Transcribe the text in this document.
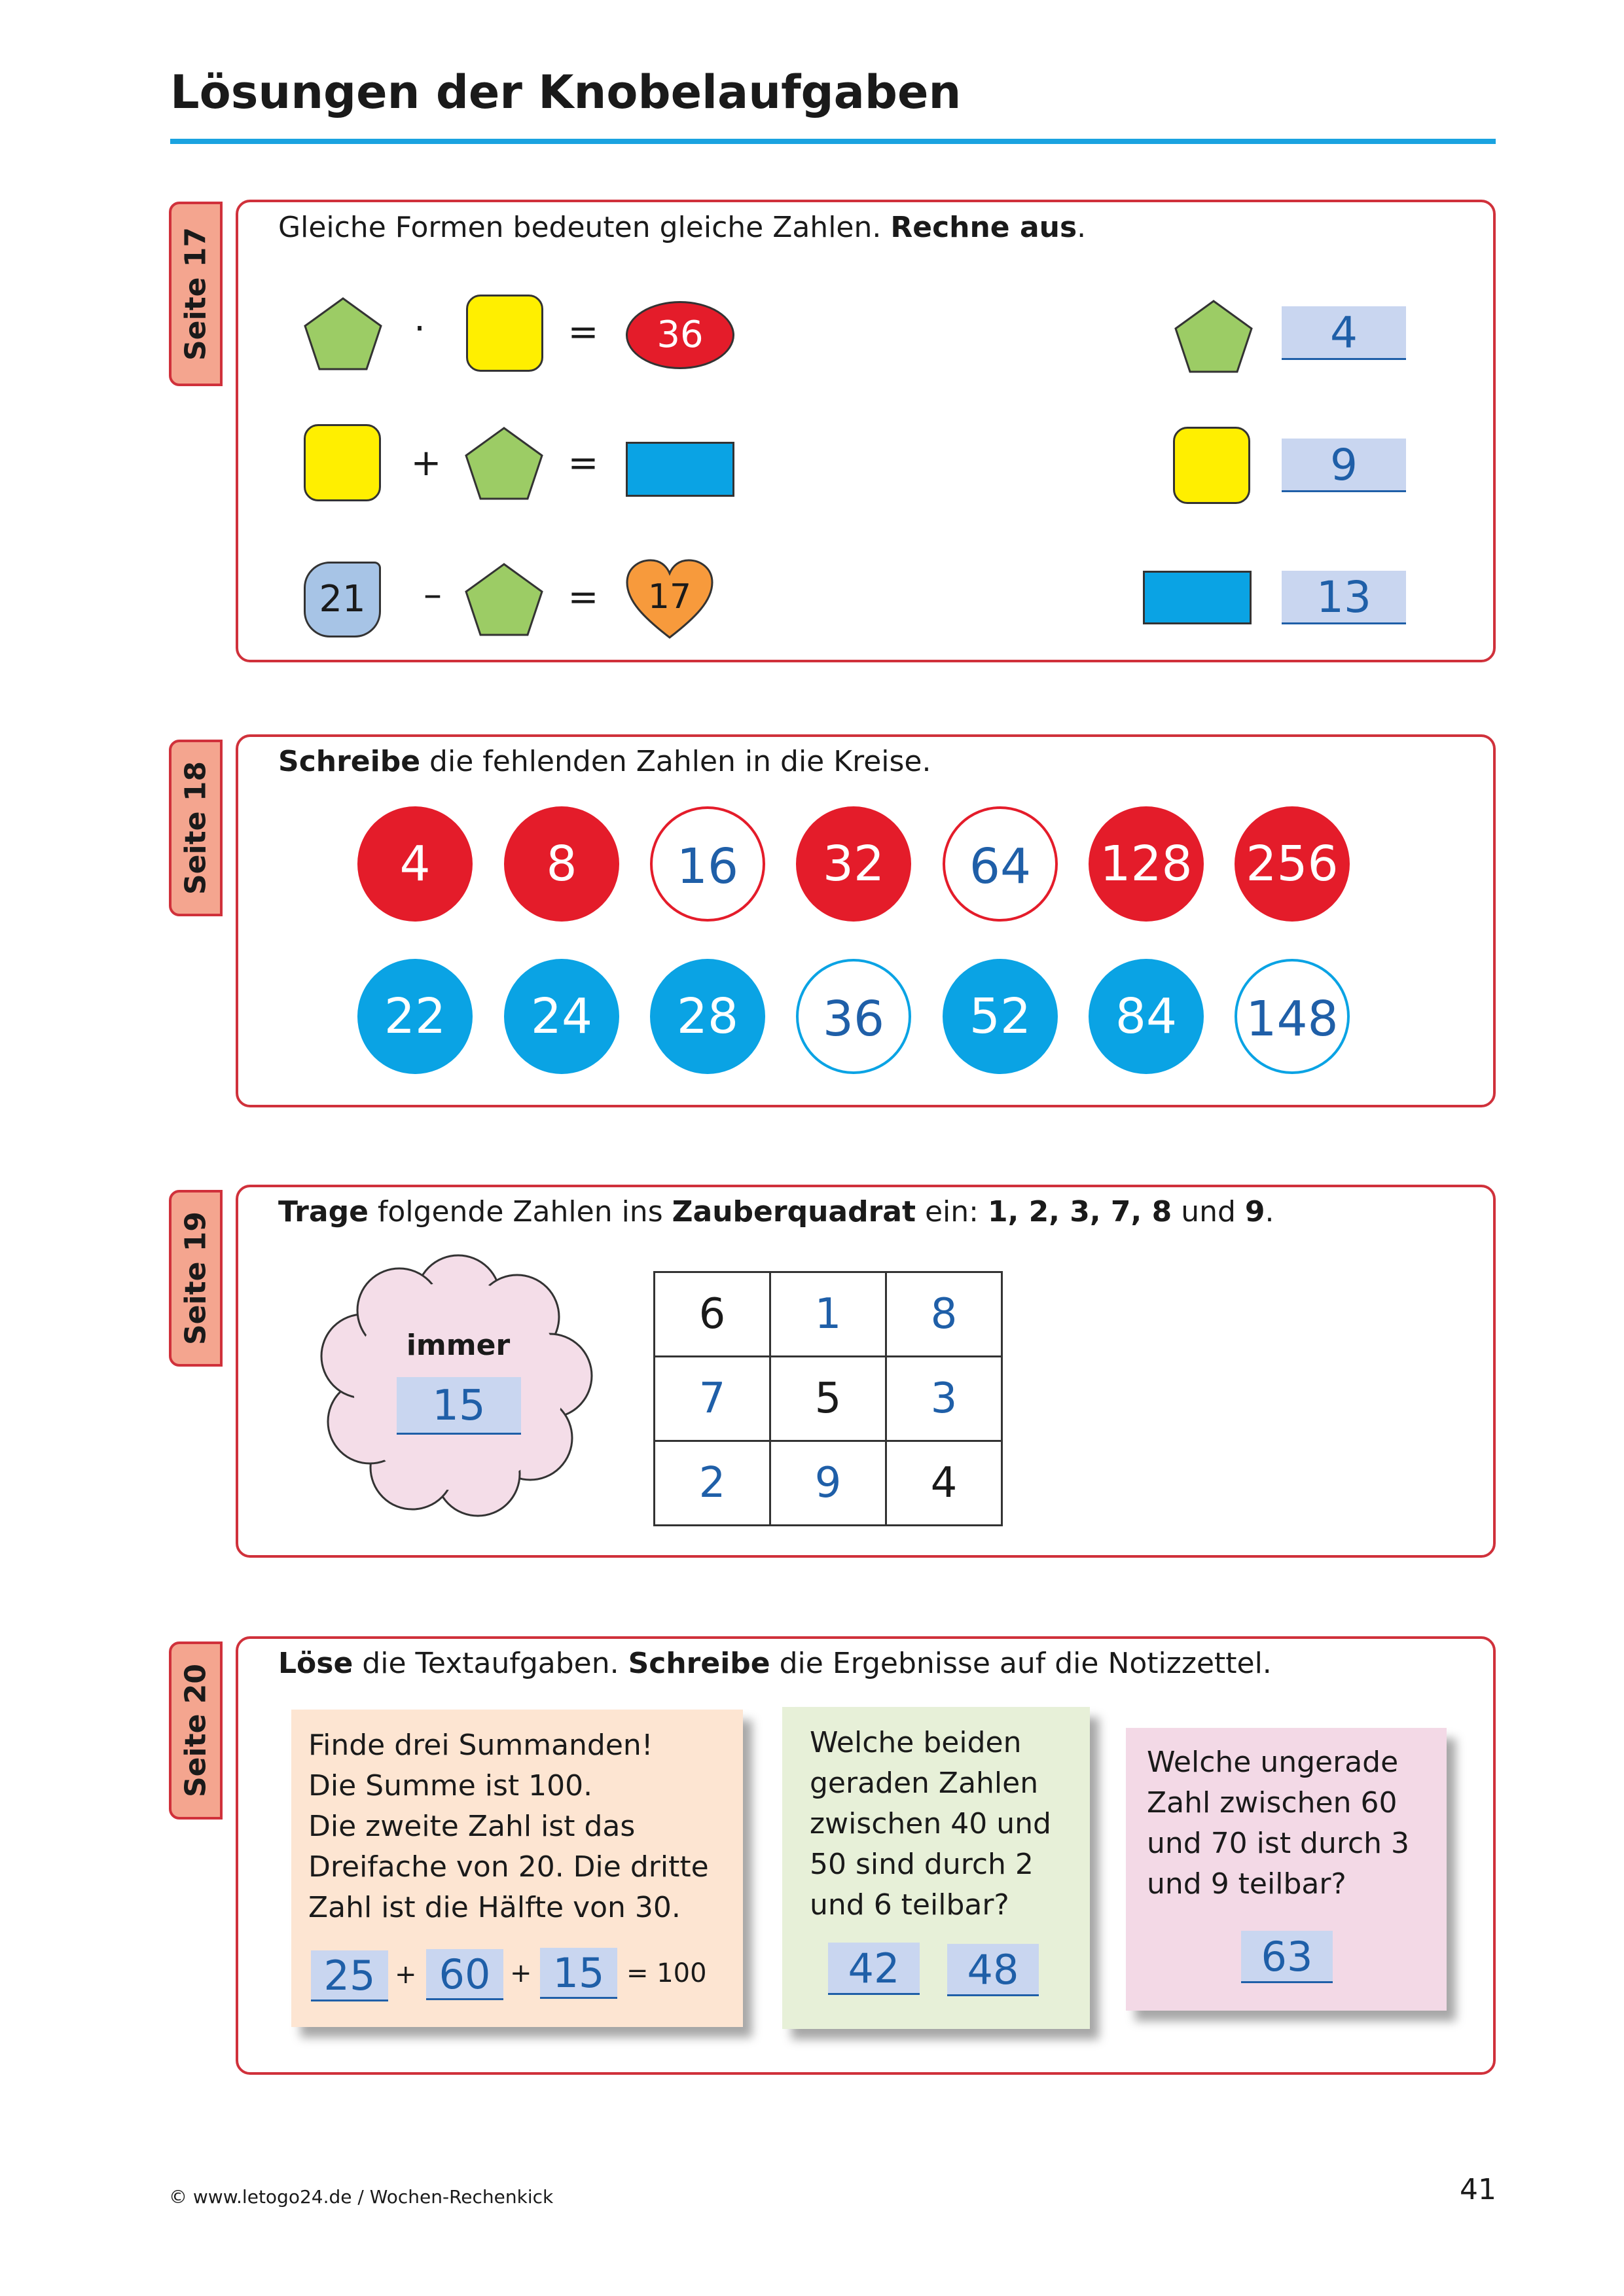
Lösungen der Knobelaufgaben
Seite 17 Gleiche Formen bedeuten gleiche Zahlen. Rechne aus.
·	=	36
+	=
21	–	=	17
4
9
13
Seite 18 Schreibe die fehlenden Zahlen in die Kreise.
4	8	16	32	64	128 256
22	24	28	36	52	84	148
Seite 19 Trage folgende Zahlen ins Zauberquadrat ein: 1, 2, 3, 7, 8 und 9.
immer
15
6	1	8
7	5	3
2	9	4
Seite 20
Löse die Textaufgaben. Schreibe die Ergebnisse auf die Notizzettel.
Finde drei Summanden!
Die Summe ist 100.
Die zweite Zahl ist das
Dreifache von 20. Die dritte
Zahl ist die Hälfte von 30.
25 + 60 + 15 = 100
Welche beiden
geraden Zahlen
zwischen 40 und
50 sind durch 2
und 6 teilbar?
42	48
Welche ungerade
Zahl zwischen 60
und 70 ist durch 3
und 9 teilbar?
63
© www.letogo24.de / Wochen-Rechenkick	41
